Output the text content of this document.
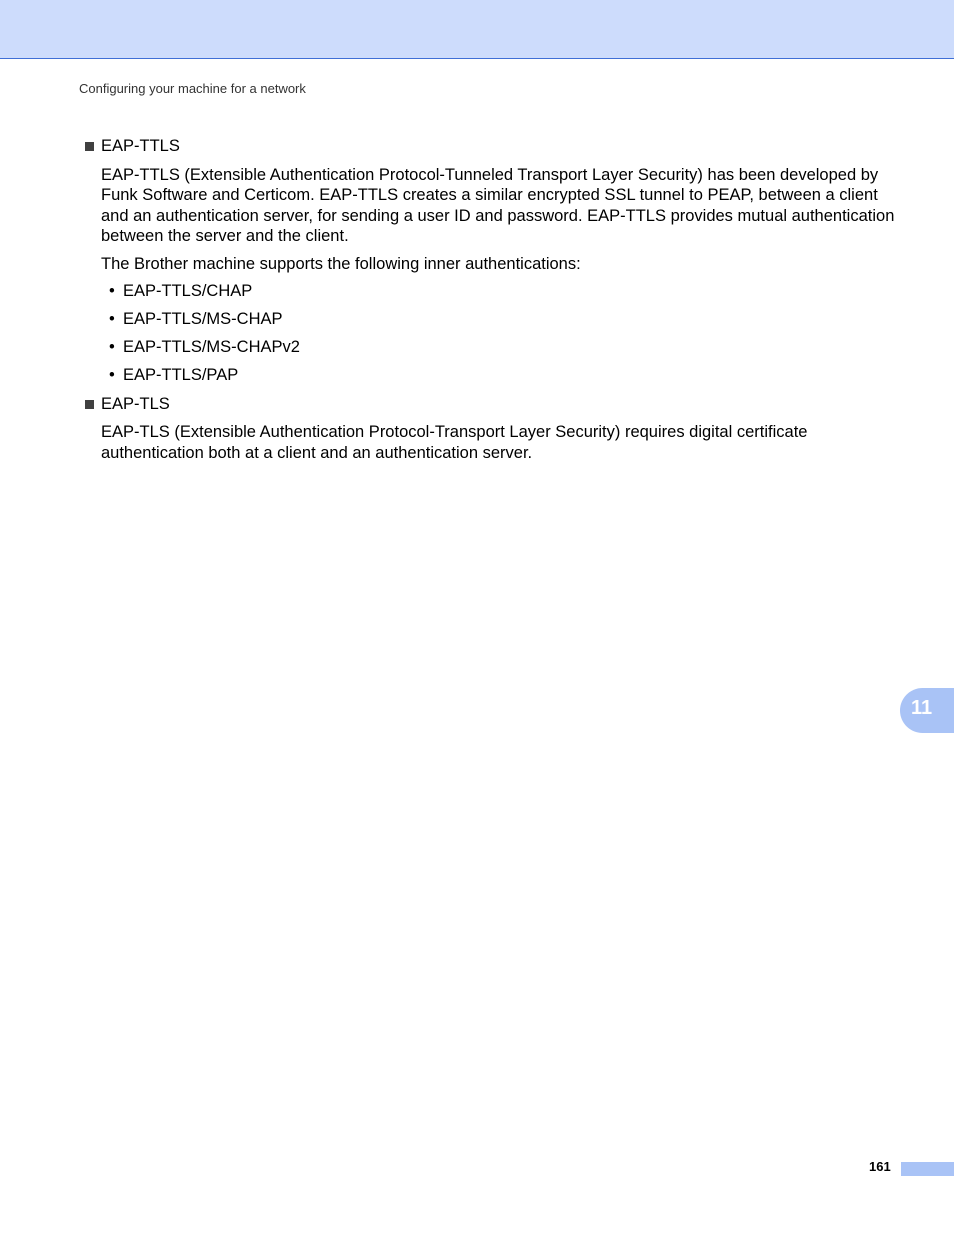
Configuring your machine for a network
EAP-TTLS

EAP-TTLS (Extensible Authentication Protocol-Tunneled Transport Layer Security) has been developed by Funk Software and Certicom. EAP-TTLS creates a similar encrypted SSL tunnel to PEAP, between a client and an authentication server, for sending a user ID and password. EAP-TTLS provides mutual authentication between the server and the client.

The Brother machine supports the following inner authentications:

• EAP-TTLS/CHAP
• EAP-TTLS/MS-CHAP
• EAP-TTLS/MS-CHAPv2
• EAP-TTLS/PAP
EAP-TLS

EAP-TLS (Extensible Authentication Protocol-Transport Layer Security) requires digital certificate authentication both at a client and an authentication server.

11
161
